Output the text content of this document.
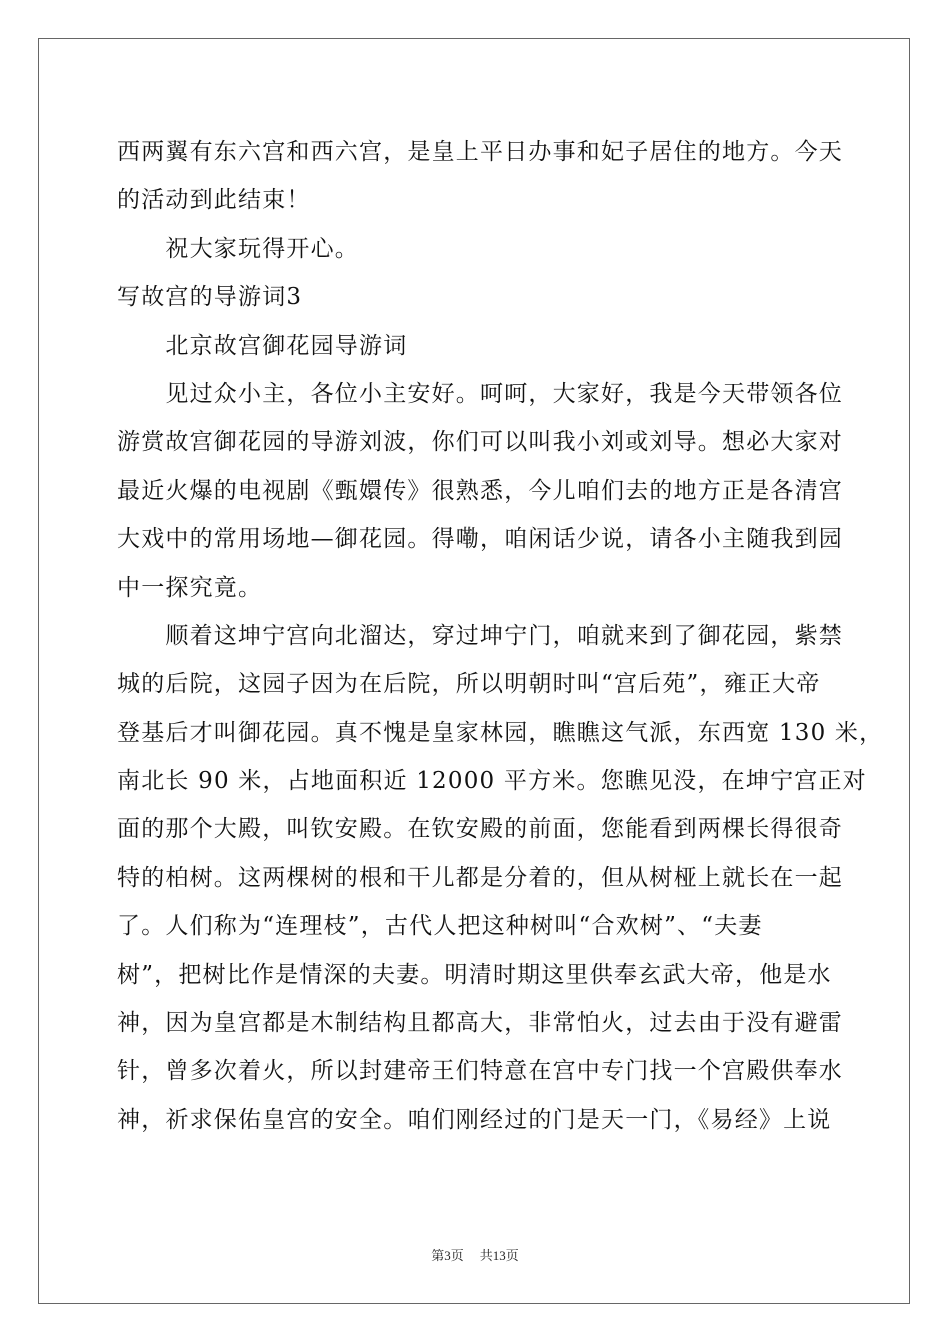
西两翼有东六宫和西六宫，是皇上平日办事和妃子居住的地方。今天
的活动到此结束！
　　祝大家玩得开心。
写故宫的导游词3
　　北京故宫御花园导游词
　　见过众小主，各位小主安好。呵呵，大家好，我是今天带领各位
游赏故宫御花园的导游刘波，你们可以叫我小刘或刘导。想必大家对
最近火爆的电视剧《甄嬛传》很熟悉，今儿咱们去的地方正是各清宫
大戏中的常用场地—御花园。得嘞，咱闲话少说，请各小主随我到园
中一探究竟。
　　顺着这坤宁宫向北溜达，穿过坤宁门，咱就来到了御花园，紫禁
城的后院，这园子因为在后院，所以明朝时叫“宫后苑”，雍正大帝
登基后才叫御花园。真不愧是皇家林园，瞧瞧这气派，东西宽 130 米，
南北长 90 米，占地面积近 12000 平方米。您瞧见没，在坤宁宫正对
面的那个大殿，叫钦安殿。在钦安殿的前面，您能看到两棵长得很奇
特的柏树。这两棵树的根和干儿都是分着的，但从树桠上就长在一起
了。人们称为“连理枝”，古代人把这种树叫“合欢树”、“夫妻
树”，把树比作是情深的夫妻。明清时期这里供奉玄武大帝，他是水
神，因为皇宫都是木制结构且都高大，非常怕火，过去由于没有避雷
针，曾多次着火，所以封建帝王们特意在宫中专门找一个宫殿供奉水
神，祈求保佑皇宫的安全。咱们刚经过的门是天一门，《易经》上说
第3页 共13页
